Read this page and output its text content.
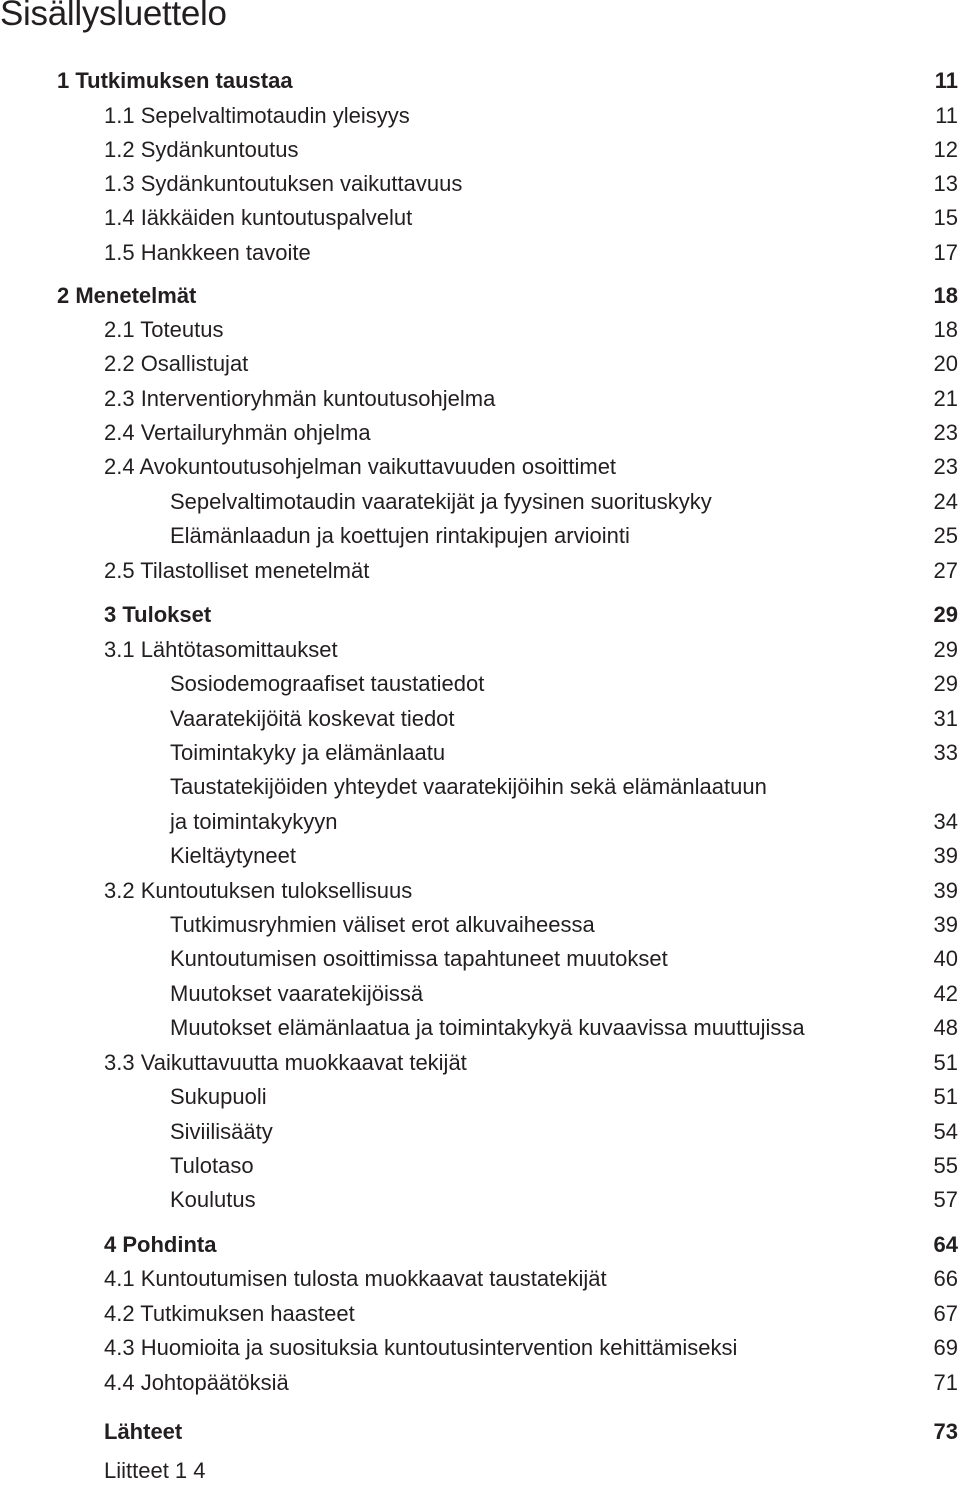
Sisällysluettelo
1 Tutkimuksen taustaa	11
1.1 Sepelvaltimotaudin yleisyys	11
1.2 Sydänkuntoutus	12
1.3 Sydänkuntoutuksen vaikuttavuus	13
1.4 Iäkkäiden kuntoutuspalvelut	15
1.5 Hankkeen tavoite	17
2 Menetelmät	18
2.1 Toteutus	18
2.2 Osallistujat	20
2.3 Interventioryhmän kuntoutusohjelma	21
2.4 Vertailuryhmän ohjelma	23
2.4 Avokuntoutusohjelman vaikuttavuuden osoittimet	23
Sepelvaltimotaudin vaaratekijät ja fyysinen suorituskyky	24
Elämänlaadun ja koettujen rintakipujen arviointi	25
2.5 Tilastolliset menetelmät	27
3 Tulokset	29
3.1 Lähtötasomittaukset	29
Sosiodemograafiset taustatiedot	29
Vaaratekijöitä koskevat tiedot	31
Toimintakyky ja elämänlaatu	33
Taustatekijöiden yhteydet vaaratekijöihin sekä elämänlaatuun
ja toimintakykyyn	34
Kieltäytyneet	39
3.2 Kuntoutuksen tuloksellisuus	39
Tutkimusryhmien väliset erot alkuvaiheessa	39
Kuntoutumisen osoittimissa tapahtuneet muutokset	40
Muutokset vaaratekijöissä	42
Muutokset elämänlaatua ja toimintakykyä kuvaavissa muuttujissa	48
3.3 Vaikuttavuutta muokkaavat tekijät	51
Sukupuoli	51
Siviilisääty	54
Tulotaso	55
Koulutus	57
4 Pohdinta	64
4.1 Kuntoutumisen tulosta muokkaavat taustatekijät	66
4.2 Tutkimuksen haasteet	67
4.3 Huomioita ja suosituksia kuntoutusintervention kehittämiseksi	69
4.4 Johtopäätöksiä	71
Lähteet	73
Liitteet 1 4
